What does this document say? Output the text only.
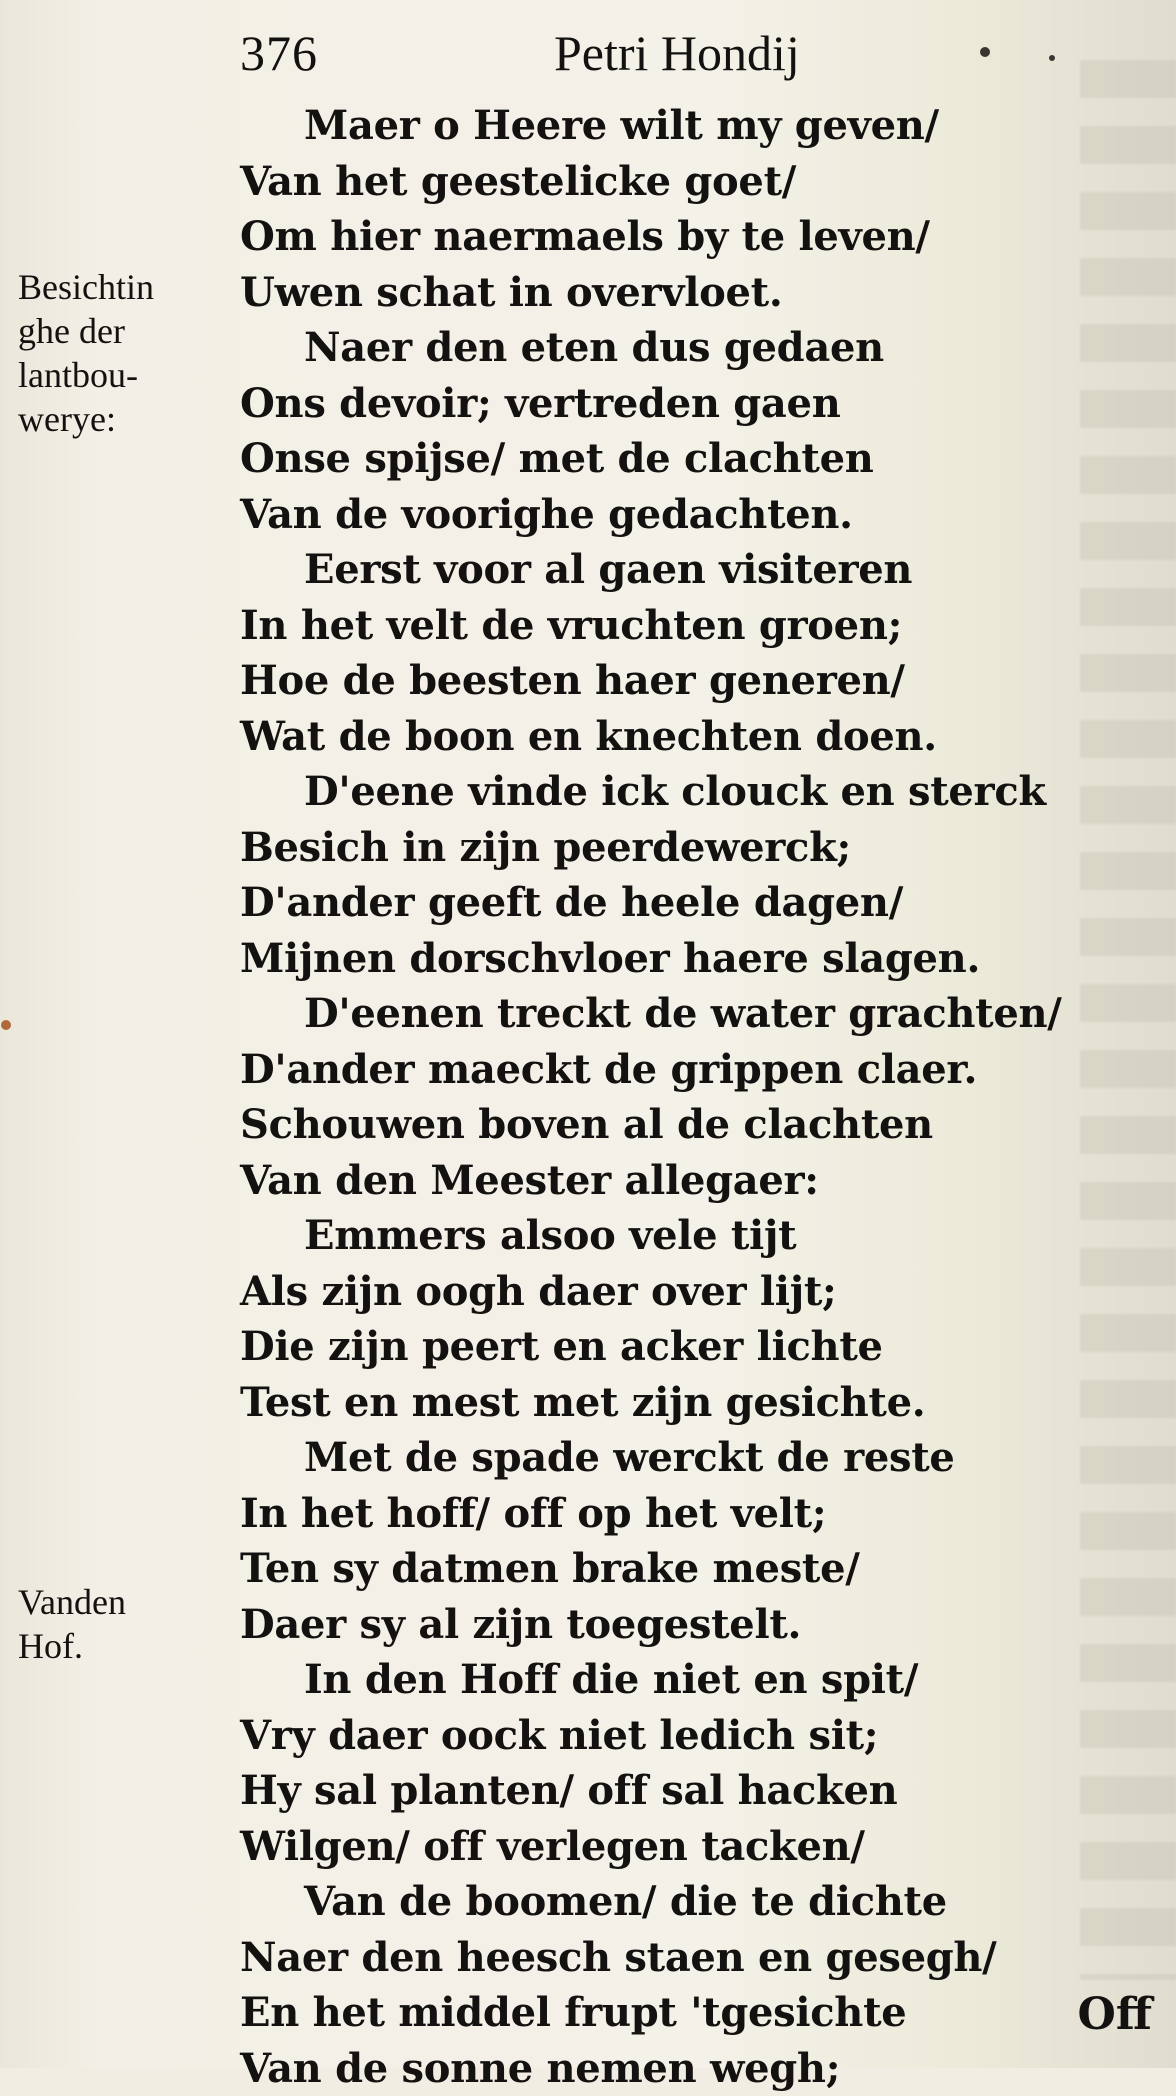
376	Petri Hondij
Besichtin
ghe der
lantbou-
werye:
Vanden
Hof.
Maer o Heere wilt my geven/
Van het geestelicke goet/
Om hier naermaels by te leven/
Uwen schat in overvloet.
Naer den eten dus gedaen
Ons devoir; vertreden gaen
Onse spijse/ met de clachten
Van de voorighe gedachten.
Eerst voor al gaen visiteren
In het velt de vruchten groen;
Hoe de beesten haer generen/
Wat de boon en knechten doen.
D'eene vinde ick clouck en sterck
Besich in zijn peerdewerck;
D'ander geeft de heele dagen/
Mijnen dorschvloer haere slagen.
D'eenen treckt de water grachten/
D'ander maeckt de grippen claer.
Schouwen boven al de clachten
Van den Meester allegaer:
Emmers alsoo vele tijt
Als zijn oogh daer over lijt;
Die zijn peert en acker lichte
Test en mest met zijn gesichte.
Met de spade werckt de reste
In het hoff/ off op het velt;
Ten sy datmen brake meste/
Daer sy al zijn toegestelt.
In den Hoff die niet en spit/
Vry daer oock niet ledich sit;
Hy sal planten/ off sal hacken
Wilgen/ off verlegen tacken/
Van de boomen/ die te dichte
Naer den heesch staen en gesegh/
En het middel frupt 'tgesichte
Van de sonne nemen wegh;
Off
